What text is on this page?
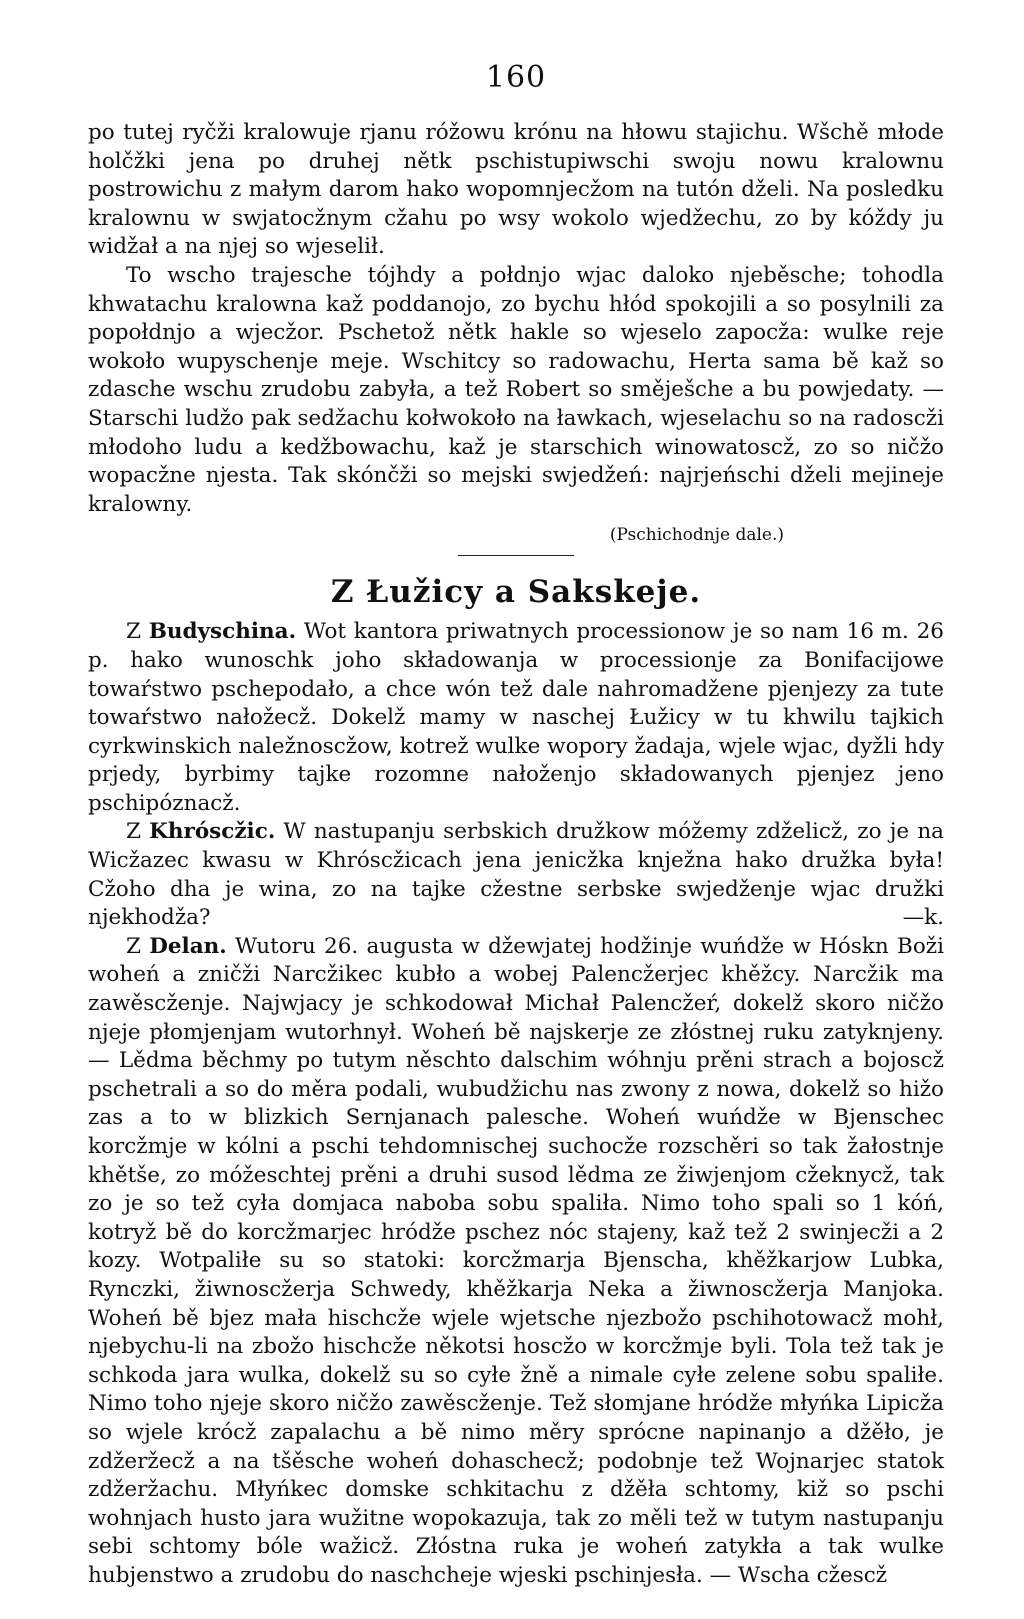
160

po tutej ryčži kralowuje rjanu róžowu krónu na hłowu stajichu. Wšchě młode holčžki jena po druhej nětk pschistupiwschi swoju nowu kralownu postrowichu z małym darom hako wopomnjecžom na tutón dželi. Na posledku kralownu w swjatocžnym cžahu po wsy wokolo wjedžechu, zo by kóždy ju widžał a na njej so wjeselił.

To wscho trajesche tójhdy a połdnjo wjac daloko njeběsche; tohodla khwatachu kralowna kaž poddanojo, zo bychu hłód spokojili a so posylnili za popołdnjo a wjecžor. Pschetož nětk hakle so wjeselo zapocža: wulke reje wokoło wupyschenje meje. Wschitcy so radowachu, Herta sama bě kaž so zdasche wschu zrudobu zabyła, a tež Robert so směješche a bu powjedaty. — Starschi ludžo pak sedžachu kołwokoło na ławkach, wjeselachu so na radoscži młodoho ludu a kedžbowachu, kaž je starschich winowatoscž, zo so ničžo wopacžne njesta. Tak skónčži so mejski swjedžeń: najrjeńschi dželi mejineje kralowny.

(Pschichodnje dale.)
Z Łužicy a Sakskeje.

Z Budyschina. Wot kantora priwatnych processionow je so nam 16 m. 26 p. hako wunoschk joho składowanja w processionje za Bonifacijowe towaŕstwo pschepodało, a chce wón tež dale nahromadžene pjenjezy za tute towaŕstwo nałožecž. Dokelž mamy w naschej Łužicy w tu khwilu tajkich cyrkwinskich naležnoscžow, kotrež wulke wopory žadaja, wjele wjac, dyžli hdy prjedy, byrbimy tajke rozomne nałoženjo składowanych pjenjez jeno pschipóznacž.

Z Khróscžic. W nastupanju serbskich družkow móžemy zdželicž, zo je na Wicžazec kwasu w Khróscžicach jena jenicžka knježna hako družka była! Cžoho dha je wina, zo na tajke cžestne serbske swjedženje wjac družki njekhodža?	—k.

Z Delan. Wutoru 26. augusta w džewjatej hodžinje wuńdže w Hóskn Boži woheń a zničži Narcžikec kubło a wobej Palencžerjec khěžcy. Narcžik ma zawěscženje. Najwjacy je schkodował Michał Palencžeŕ, dokelž skoro ničžo njeje płomjenjam wutorhnył. Woheń bě najskerje ze złóstnej ruku zatyknjeny. — Lědma běchmy po tutym něschto dalschim wóhnju prěni strach a bojoscž pschetrali a so do měra podali, wubudžichu nas zwony z nowa, dokelž so hižo zas a to w blizkich Sernjanach palesche. Woheń wuńdže w Bjenschec korcžmje w kólni a pschi tehdomnischej suchocže rozschěri so tak žałostnje khětše, zo móžeschtej prěni a druhi susod lědma ze žiwjenjom cžeknycž, tak zo je so tež cyła domjaca naboba sobu spaliła. Nimo toho spali so 1 kóń, kotryž bě do korcžmarjec hródže pschez nóc stajeny, kaž tež 2 swinjecži a 2 kozy. Wotpaliłe su so statoki: korcžmarja Bjenscha, khěžkarjow Lubka, Rynczki, žiwnoscžerja Schwedy, khěžkarja Neka a žiwnoscžerja Manjoka. Woheń bě bjez mała hischcže wjele wjetsche njezbožo pschihotowacž mohł, njebychu-li na zbožo hischcže někotsi hoscžo w korcžmje byli. Tola tež tak je schkoda jara wulka, dokelž su so cyłe žně a nimale cyłe zelene sobu spaliłe. Nimo toho njeje skoro ničžo zawěscženje. Tež słomjane hródže młyńka Lipicža so wjele krócž zapalachu a bě nimo měry sprócne napinanjo a džěło, je zdžeržecž a na tšěsche woheń dohaschecž; podobnje tež Wojnarjec statok zdžeržachu. Młyńkec domske schkitachu z džěła schtomy, kiž so pschi wohnjach husto jara wužitne wopokazuja, tak zo měli tež w tutym nastupanju sebi schtomy bóle wažicž. Złóstna ruka je woheń zatykła a tak wulke hubjenstwo a zrudobu do naschcheje wjeski pschinjesła. — Wscha cžescž
